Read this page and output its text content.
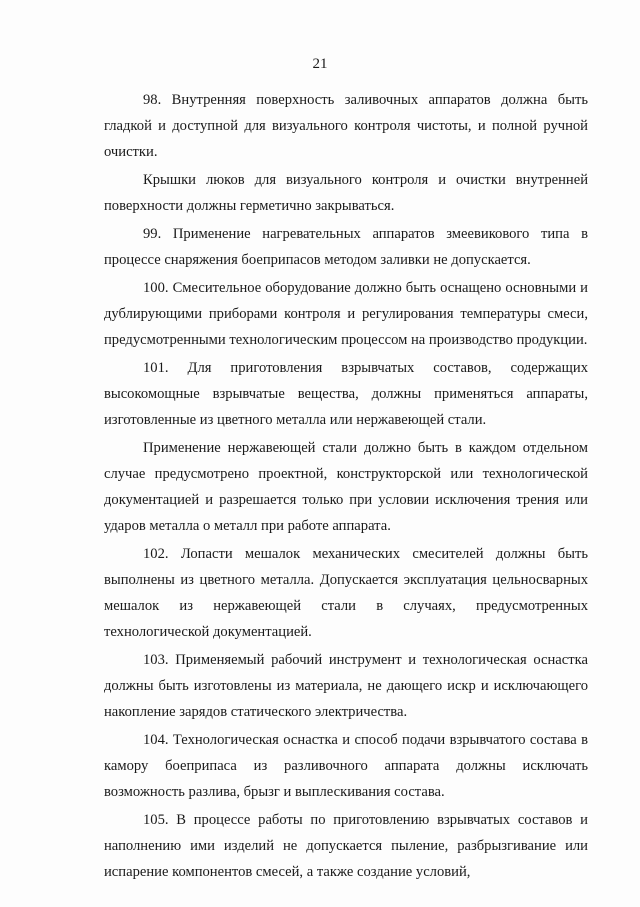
21

98. Внутренняя поверхность заливочных аппаратов должна быть гладкой и доступной для визуального контроля чистоты, и полной ручной очистки.

Крышки люков для визуального контроля и очистки внутренней поверхности должны герметично закрываться.

99. Применение нагревательных аппаратов змеевикового типа в процессе снаряжения боеприпасов методом заливки не допускается.

100. Смесительное оборудование должно быть оснащено основными и дублирующими приборами контроля и регулирования температуры смеси, предусмотренными технологическим процессом на производство продукции.

101. Для приготовления взрывчатых составов, содержащих высокомощные взрывчатые вещества, должны применяться аппараты, изготовленные из цветного металла или нержавеющей стали.

Применение нержавеющей стали должно быть в каждом отдельном случае предусмотрено проектной, конструкторской или технологической документацией и разрешается только при условии исключения трения или ударов металла о металл при работе аппарата.

102. Лопасти мешалок механических смесителей должны быть выполнены из цветного металла. Допускается эксплуатация цельносварных мешалок из нержавеющей стали в случаях, предусмотренных технологической документацией.

103. Применяемый рабочий инструмент и технологическая оснастка должны быть изготовлены из материала, не дающего искр и исключающего накопление зарядов статического электричества.

104. Технологическая оснастка и способ подачи взрывчатого состава в камору боеприпаса из разливочного аппарата должны исключать возможность разлива, брызг и выплескивания состава.

105. В процессе работы по приготовлению взрывчатых составов и наполнению ими изделий не допускается пыление, разбрызгивание или испарение компонентов смесей, а также создание условий,
